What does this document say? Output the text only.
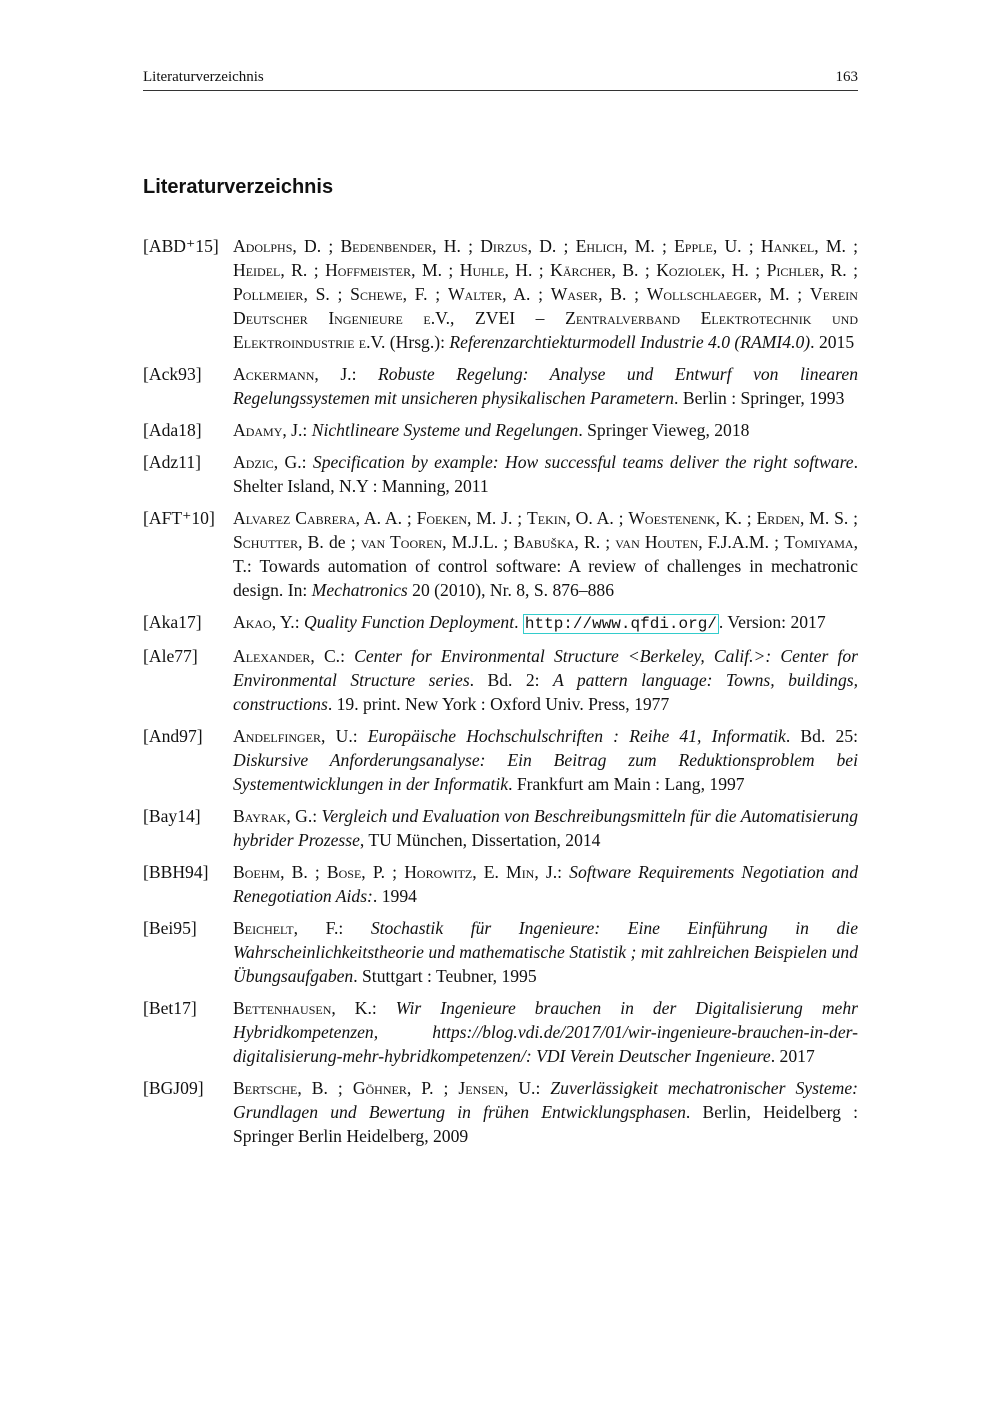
Literaturverzeichnis	163
Literaturverzeichnis
[ABD⁺15] Adolphs, D. ; Bedenbender, H. ; Dirzus, D. ; Ehlich, M. ; Epple, U. ; Hankel, M. ; Heidel, R. ; Hoffmeister, M. ; Huhle, H. ; Kärcher, B. ; Koziolek, H. ; Pichler, R. ; Pollmeier, S. ; Schewe, F. ; Walter, A. ; Waser, B. ; Wollschlaeger, M. ; Verein Deutscher Ingenieure e.V., ZVEI – Zentralverband Elektrotechnik und Elektroindustrie e.V. (Hrsg.): Referenzarchtiekturmodell Industrie 4.0 (RAMI4.0). 2015
[Ack93]	Ackermann, J.: Robuste Regelung: Analyse und Entwurf von linearen Regelungssystemen mit unsicheren physikalischen Parametern. Berlin : Springer, 1993
[Ada18]	Adamy, J.: Nichtlineare Systeme und Regelungen. Springer Vieweg, 2018
[Adz11]	Adzic, G.: Specification by example: How successful teams deliver the right software. Shelter Island, N.Y : Manning, 2011
[AFT⁺10]	Alvarez Cabrera, A. A. ; Foeken, M. J. ; Tekin, O. A. ; Woestenenk, K. ; Erden, M. S. ; Schutter, B. de ; van Tooren, M.J.L. ; Babuška, R. ; van Houten, F.J.A.M. ; Tomiyama, T.: Towards automation of control software: A review of challenges in mechatronic design. In: Mechatronics 20 (2010), Nr. 8, S. 876–886
[Aka17]	Akao, Y.: Quality Function Deployment. http://www.qfdi.org/ . Version: 2017
[Ale77]	Alexander, C.: Center for Environmental Structure <Berkeley, Calif.>: Center for Environmental Structure series. Bd. 2: A pattern language: Towns, buildings, constructions. 19. print. New York : Oxford Univ. Press, 1977
[And97]	Andelfinger, U.: Europäische Hochschulschriften : Reihe 41, Informatik. Bd. 25: Diskursive Anforderungsanalyse: Ein Beitrag zum Reduktionsproblem bei Systementwicklungen in der Informatik. Frankfurt am Main : Lang, 1997
[Bay14]	Bayrak, G.: Vergleich und Evaluation von Beschreibungsmitteln für die Automatisierung hybrider Prozesse, TU München, Dissertation, 2014
[BBH94]	Boehm, B. ; Bose, P. ; Horowitz, E. Min, J.: Software Requirements Negotiation and Renegotiation Aids:. 1994
[Bei95]	Beichelt, F.: Stochastik für Ingenieure: Eine Einführung in die Wahrscheinlichkeitstheorie und mathematische Statistik ; mit zahlreichen Beispielen und Übungsaufgaben. Stuttgart : Teubner, 1995
[Bet17]	Bettenhausen, K.: Wir Ingenieure brauchen in der Digitalisierung mehr Hybridkompetenzen, https://blog.vdi.de/2017/01/wir-ingenieure-brauchen-in-der-digitalisierung-mehr-hybridkompetenzen/: VDI Verein Deutscher Ingenieure. 2017
[BGJ09]	Bertsche, B. ; Göhner, P. ; Jensen, U.: Zuverlässigkeit mechatronischer Systeme: Grundlagen und Bewertung in frühen Entwicklungsphasen. Berlin, Heidelberg : Springer Berlin Heidelberg, 2009
